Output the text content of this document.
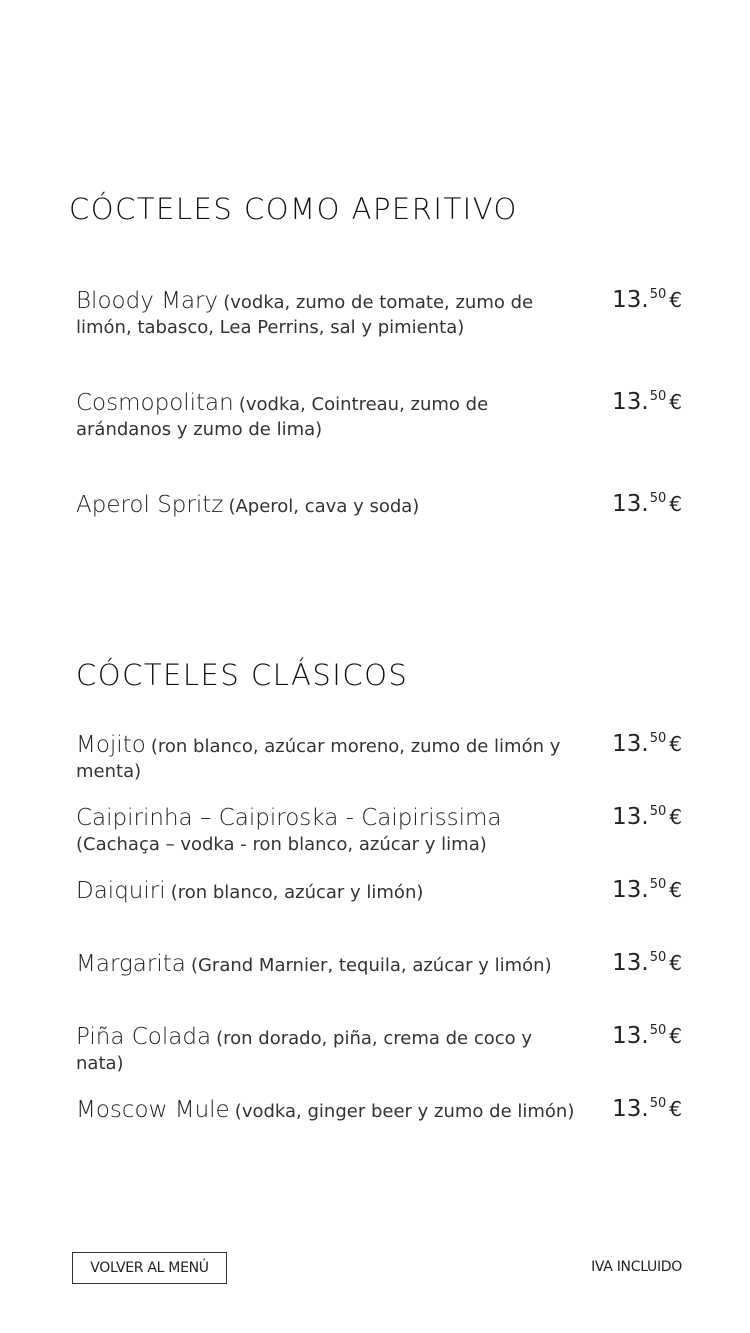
CÓCTELES COMO APERITIVO
Bloody Mary (vodka, zumo de tomate, zumo de limón, tabasco, Lea Perrins, sal y pimienta)
13.50 €
Cosmopolitan (vodka, Cointreau, zumo de arándanos y zumo de lima)
13.50 €
Aperol Spritz (Aperol, cava y soda)	13.50 €
CÓCTELES CLÁSICOS
Mojito (ron blanco, azúcar moreno, zumo de limón y menta)
13.50 €
Caipirinha – Caipiroska - Caipirissima (Cachaça – vodka - ron blanco, azúcar y lima)
13.50 €
Daiquiri (ron blanco, azúcar y limón)	13.50 €
Margarita (Grand Marnier, tequila, azúcar y limón)	13.50 €
Piña Colada (ron dorado, piña, crema de coco y nata)
13.50 €
Moscow Mule (vodka, ginger beer y zumo de limón) 13.50 €
VOLVER AL MENÚ	IVA INCLUIDO
